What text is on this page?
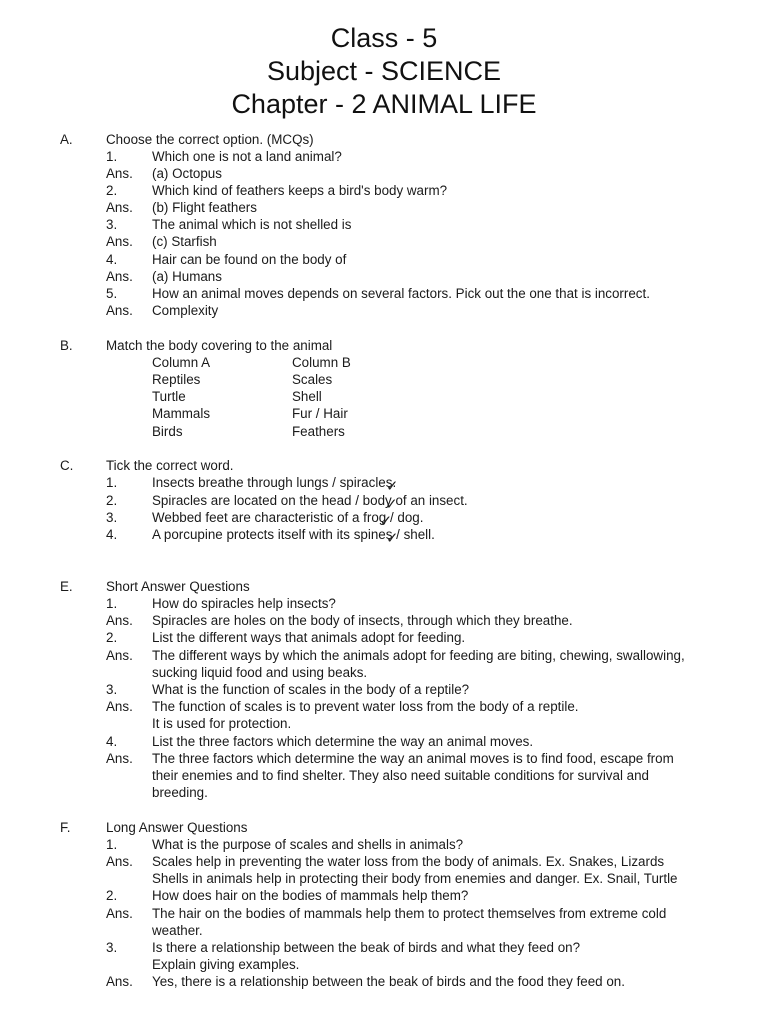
Class - 5
Subject - SCIENCE
Chapter - 2 ANIMAL LIFE
A. Choose the correct option. (MCQs)
1.	Which one is not a land animal?
Ans. (a) Octopus
2.	Which kind of feathers keeps a bird's body warm?
Ans. (b) Flight feathers
3.	The animal which is not shelled is
Ans. (c) Starfish
4.	Hair can be found on the body of
Ans. (a) Humans
5.	How an animal moves depends on several factors. Pick out the one that is incorrect.
Ans. Complexity
B. Match the body covering to the animal
Column A	Column B
Reptiles	Scales
Turtle	Shell
Mammals	Fur / Hair
Birds	Feathers
C. Tick the correct word.
1.	Insects breathe through lungs / spiracles ✓.
2.	Spiracles are located on the head / body ✓ of an insect.
3.	Webbed feet are characteristic of a frog ✓ / dog.
4.	A porcupine protects itself with its spines ✓ / shell.
E. Short Answer Questions
1.	How do spiracles help insects?
Ans. Spiracles are holes on the body of insects, through which they breathe.
2.	List the different ways that animals adopt for feeding.
Ans. The different ways by which the animals adopt for feeding are biting, chewing, swallowing,
sucking liquid food and using beaks.
3.	What is the function of scales in the body of a reptile?
Ans. The function of scales is to prevent water loss from the body of a reptile.
It is used for protection.
4.	List the three factors which determine the way an animal moves.
Ans. The three factors which determine the way an animal moves is to find food, escape from
their enemies and to find shelter. They also need suitable conditions for survival and
breeding.
F.	Long Answer Questions
1.	What is the purpose of scales and shells in animals?
Ans. Scales help in preventing the water loss from the body of animals. Ex. Snakes, Lizards
Shells in animals help in protecting their body from enemies and danger. Ex. Snail, Turtle
2.	How does hair on the bodies of mammals help them?
Ans. The hair on the bodies of mammals help them to protect themselves from extreme cold
weather.
3.	Is there a relationship between the beak of birds and what they feed on?
Explain giving examples.
Ans. Yes, there is a relationship between the beak of birds and the food they feed on.
